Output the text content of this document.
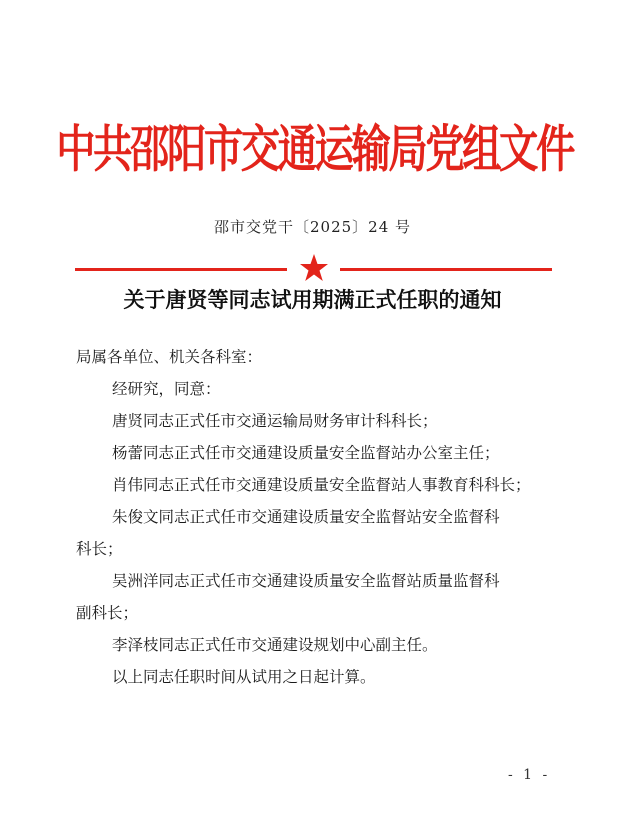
中共邵阳市交通运输局党组文件
邵市交党干〔2025〕24 号
关于唐贤等同志试用期满正式任职的通知
局属各单位、机关各科室：
经研究，同意：
唐贤同志正式任市交通运输局财务审计科科长；
杨蕾同志正式任市交通建设质量安全监督站办公室主任；
肖伟同志正式任市交通建设质量安全监督站人事教育科科长；
朱俊文同志正式任市交通建设质量安全监督站安全监督科
科长；
吴洲洋同志正式任市交通建设质量安全监督站质量监督科
副科长；
李泽枝同志正式任市交通建设规划中心副主任。
以上同志任职时间从试用之日起计算。
- 1 -
